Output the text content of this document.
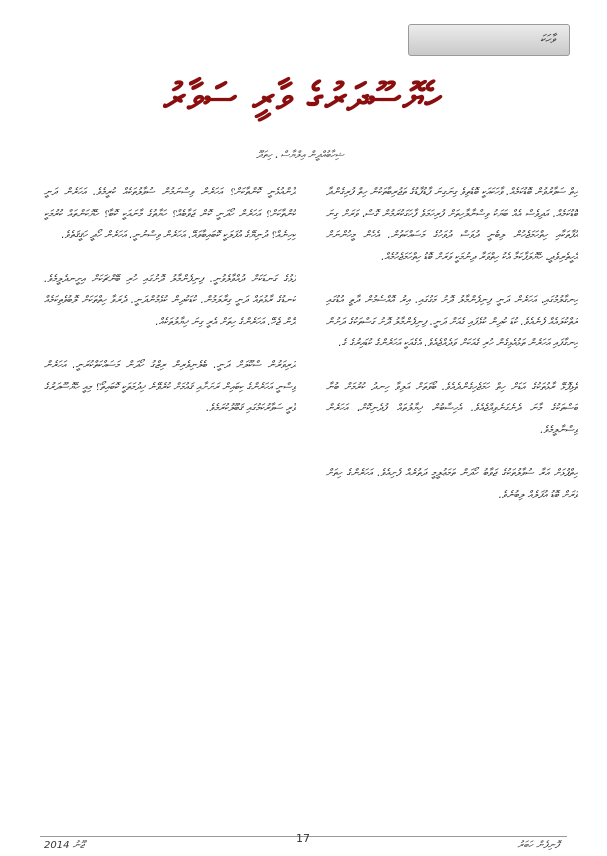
ވާހަކަ
ހެޔޮސޫދަރުގެ ވާރީ ސަވާރު
ޝިހާބުއްދީން އިލްޔާސް ، ހިތަދޫ

ހިތް ސަވާރުވުން ބޮޑުކަމެއް. ވާހަކައަކީ ބޮޑެތިވެ ގިނަގިނަ ފާޑުފާޑުގެ ތަޖުރިބާތަކުން ހިތް ފުރިގެންދާ ބޮޑުކަމެއް. އަދިވެސް އެއް ބަޔަކު ވިސްނާލާހިތަށް ފުރިހަމަވެ ފާހަގަކުރަމުން ގޮސް، ވަރަށް ގިނަ އުފާތަކާއި ހިތްހަމަޖެހުން ލިބެނީ ދުވަސް ދުވަހުގެ މަސައްކަތުން. އެހެން މީހުންނަށް އެހީތެރިވެދީ، ހެޔޮލަފާކަމާ އެކު ހިތްވަރާ ދިނުމަކީ ވަރަށް ބޮޑު ހިތްހަމަޖެހުމެއް.

ހިނގާލުމުގައި، އަހަރެން ދަނީ ފިނިފެންމާލު ދޮށު މަގުގައި. އިރު އޮއްސެމުން ދާތީ އުޑުގައި ރަތްކުލައެއް ފެނެއެވެ. ކުޑަ ކުދިން ކުޅެފައި ގެއަށް ދަނީ. ފިނިފެންމާލު ދޮށު ގަސްތަކުގެ ދަށުން ހިނގާފައި އަހަރެން ތަޅުއެޅިގެން ހުރި ގެއަކަށް ވަދެއްޖެއެވެ. އެގެއަކީ އަހަރެންގެ ކުޑައިރުގެ ގެ.

ތެޅިފޮޅޭ ރާޅުތަކުގެ އަޑަށް ހިތް ހަމަޖެހިގެންދެއެވެ. ބޯވަތަށް އަލިވާ ހިނދު ކުރުމަށް ބުނާ ބަސްތަކުގެ މާނަ ދެނެގަނެވިއްޖެއެވެ. އެހިސާބުން ޚިޔާލުތައް ފުދެނިކޮށް، އަހަރެން ވިސްނާލީމެވެ.

ހިތްޕުޅަށް އަރާ ސުވާލުތަކުގެ ޖަވާބު ހޯދަން ތަމަޢުލީމީ ދަތުރެއް ފެށިއެވެ. އަހަރެންގެ ހިތަށް ވަރަށް ބޮޑު އުފަލެއް ލިބުނެވެ.

ދާންއުޅެނީ ކޮންތާކަށް؟ އަހަރެން ވިސްނަމުން ސުވާލުތަކެއް ކުރީމެވެ. އަހަރެން ދަނީ ކޮންތާކަށް؟ އަހަރެން ހޯދަނީ ކޮން ޖަވާބެއް؟ ހަޔާތުގެ މާނައަކީ ކޮބާ؟ ހެޔޮކަންތައް ކުރުމަކީ ކިހިނެއް؟ ދުނިޔޭގެ އުފަލަކީ ކޮބައިބާވައޭ. އަހަރެން ވިސްނުނީ. އަހަރެން ހޯދީ ހަޤީޤަތެވެ.

ފަޅުގެ ގަނޑަކަށް ދުއްވާލެވުނީ. ފިނިފެންމާލު ދޮށުގައި ހުރި ބޭންޗަކަށް އިށީނދެލީމެވެ. ކަނޑުގެ ރާޅުތައް ދަނީ ގިރާލަމުން. ކުޑަކުދިން ކުޅެމުންދަނީ. ދެރަވާ ހިތްތަކަށް ލޮބުވެތިކަމެއް ދޭން ޖެހޭ. އަހަރެންގެ ހިތަށް އެރީ ގިނަ ޚިޔާލުތަކެއް.

ދަރިވަރުން ސްކޫލަށް ދަނީ. ބެލެނިވެރިން ރިޒްގު ހޯދަން މަސައްކަތްކުރަނީ. އަހަރެން ވިސްނީ އަހަރެންގެ ކިބައިން ރަށަށާއި ޤައުމަށް ކުރެވޭނެ ޚިދުމަތަކީ ކޮބައިތޯ؟ މިއީ ހެޔޮސޫދަރުގެ ވާރީ ސަވާރުކަމުގައި ޤަބޫލުކުރަމެވެ.

ޖޫނު 2014
17
ފޮނިފެން ހަބަރު
